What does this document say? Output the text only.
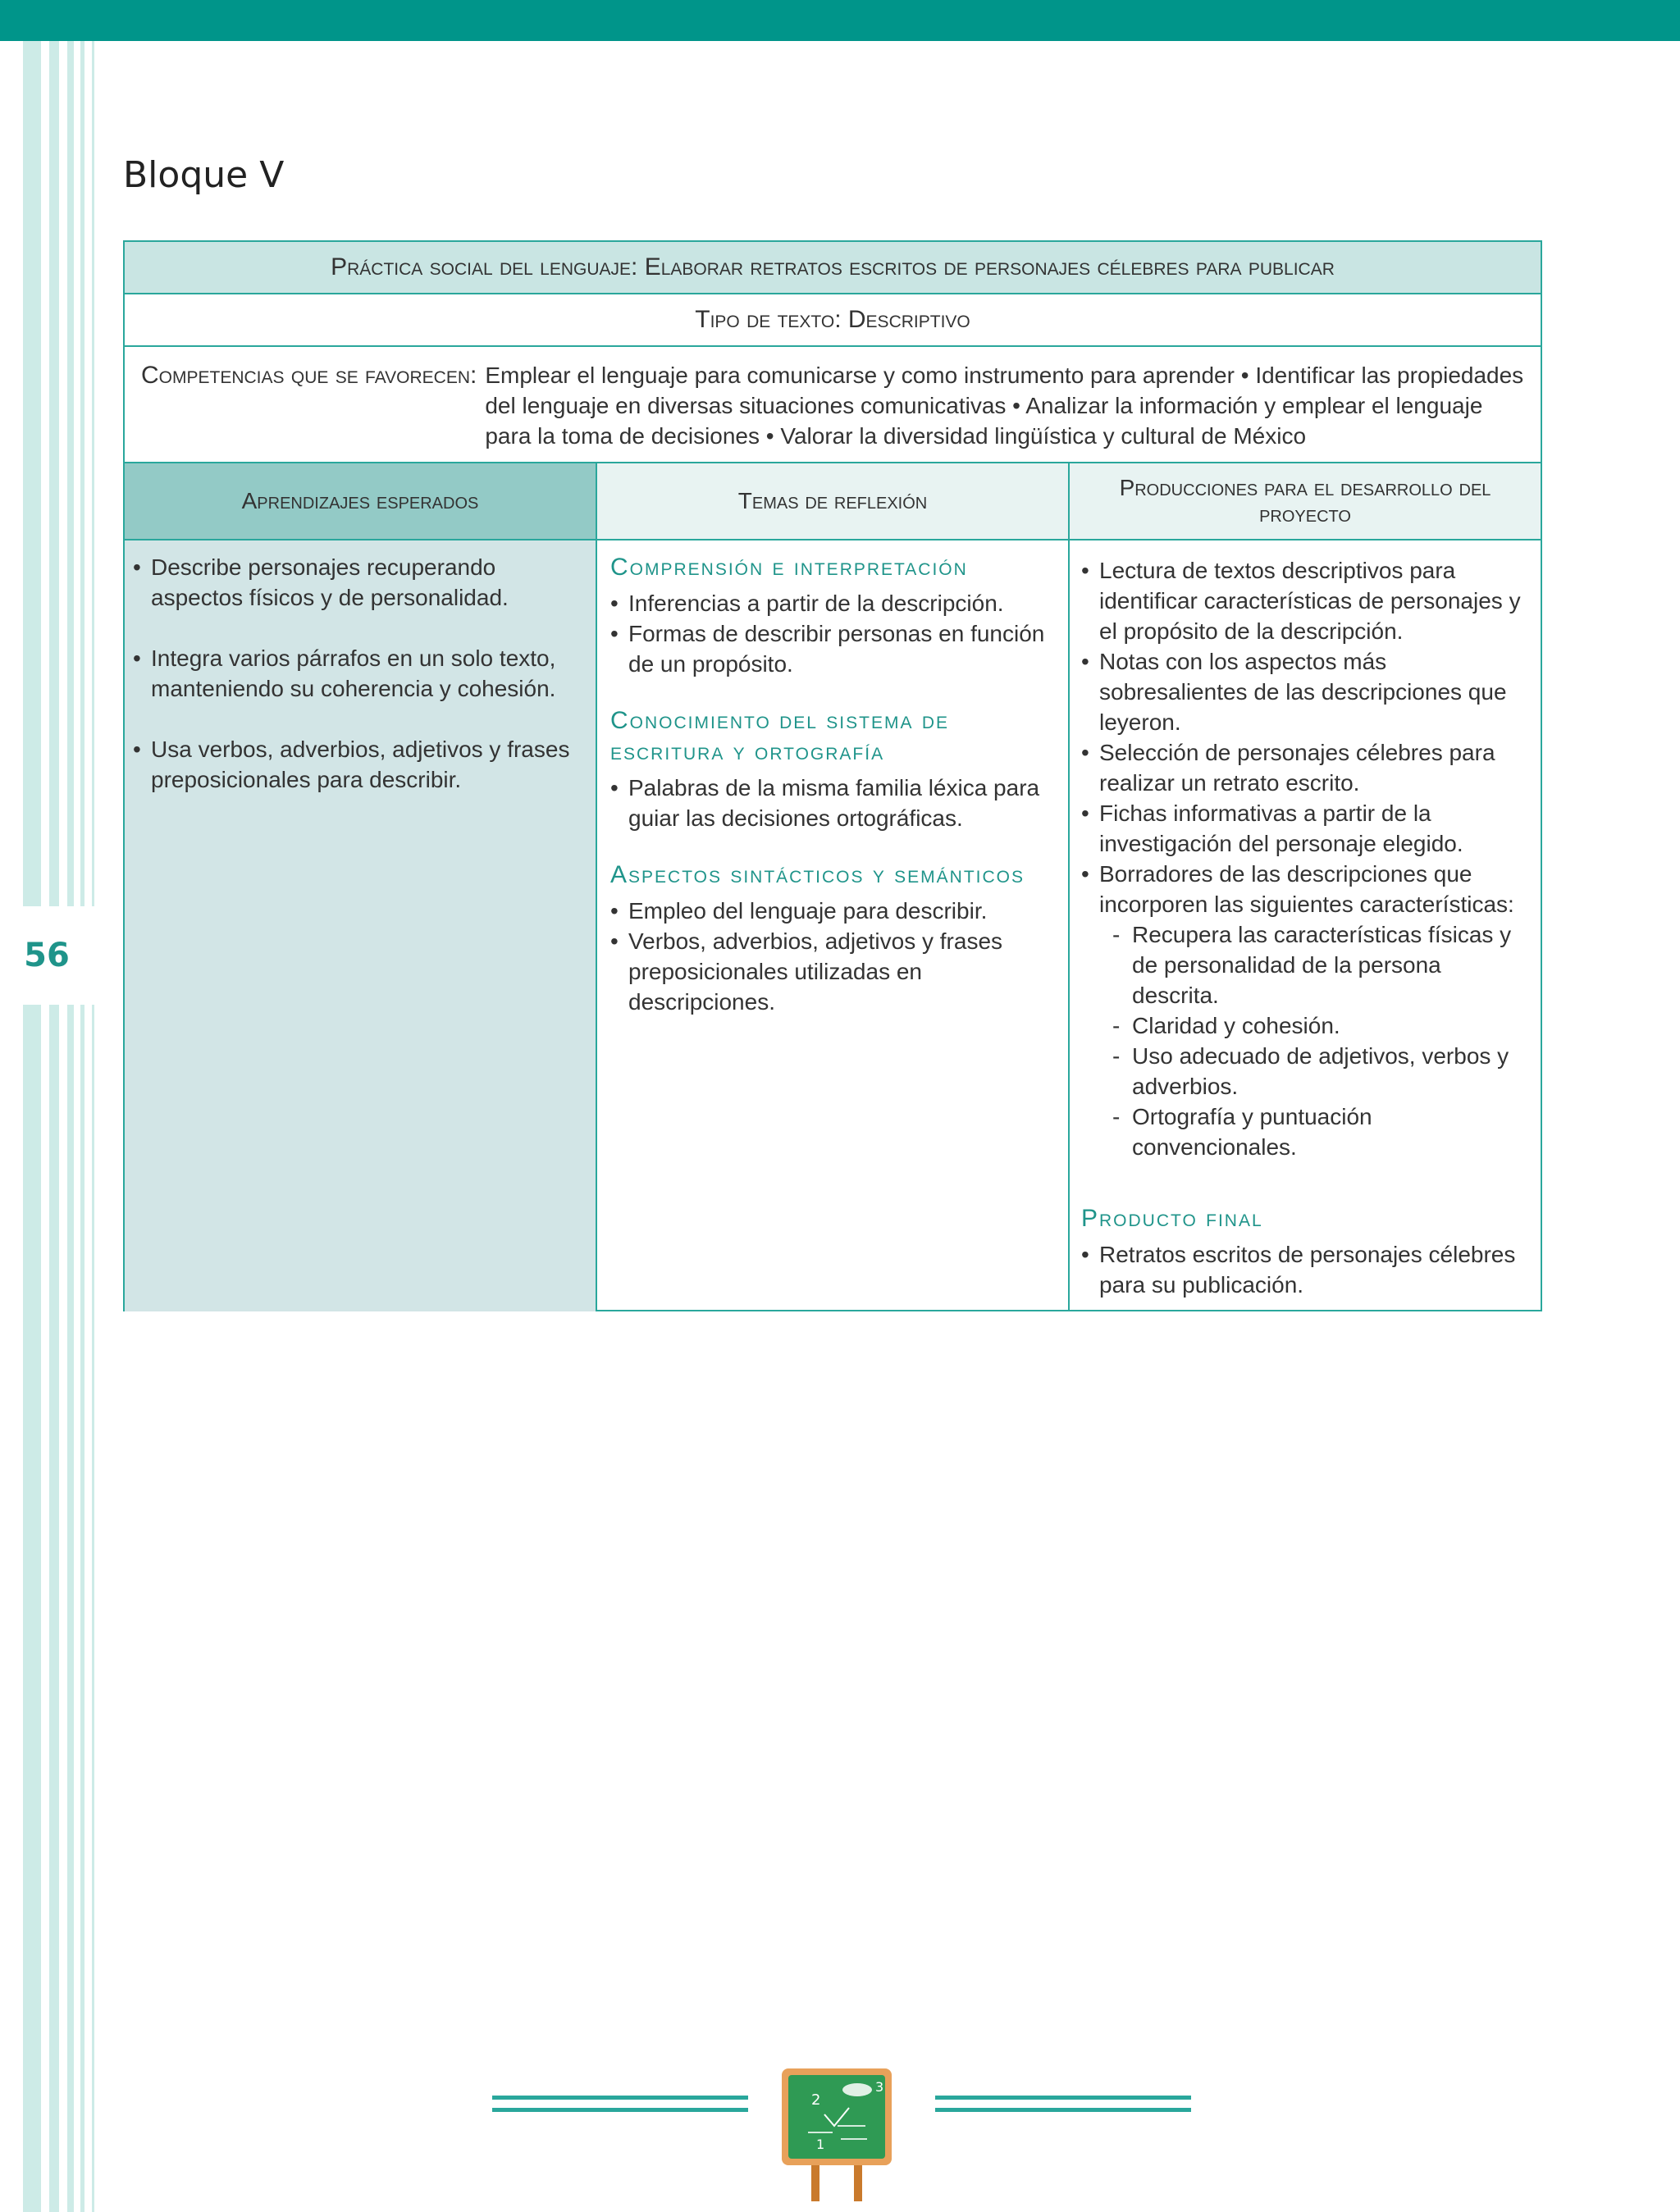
56
Bloque V
Práctica social del lenguaje: Elaborar retratos escritos de personajes célebres para publicar
Tipo de texto: Descriptivo
Competencias que se favorecen: Emplear el lenguaje para comunicarse y como instrumento para aprender • Identificar las propiedades del lenguaje en diversas situaciones comunicativas • Analizar la información y emplear el lenguaje para la toma de decisiones • Valorar la diversidad lingüística y cultural de México
Aprendizajes esperados	Temas de reflexión
Producciones para el desarrollo del proyecto
• Describe personajes recuperando aspectos físicos y de personalidad.
• Integra varios párrafos en un solo texto, manteniendo su coherencia y cohesión.
• Usa verbos, adverbios, adjetivos y frases preposicionales para describir.
Comprensión e interpretación
• Inferencias a partir de la descripción.
• Formas de describir personas en función de un propósito.
Conocimiento del sistema de escritura y ortografía
• Palabras de la misma familia léxica para guiar las decisiones ortográficas.
Aspectos sintácticos y semánticos
• Empleo del lenguaje para describir.
• Verbos, adverbios, adjetivos y frases preposicionales utilizadas en descripciones.
• Lectura de textos descriptivos para identificar características de personajes y el propósito de la descripción.
• Notas con los aspectos más sobresalientes de las descripciones que leyeron.
• Selección de personajes célebres para realizar un retrato escrito.
• Fichas informativas a partir de la investigación del personaje elegido.
• Borradores de las descripciones que incorporen las siguientes características:
- Recupera las características físicas y de personalidad de la persona descrita.
- Claridad y cohesión.
- Uso adecuado de adjetivos, verbos y adverbios.
- Ortografía y puntuación convencionales.
Producto final
• Retratos escritos de personajes célebres para su publicación.
2
3
1
